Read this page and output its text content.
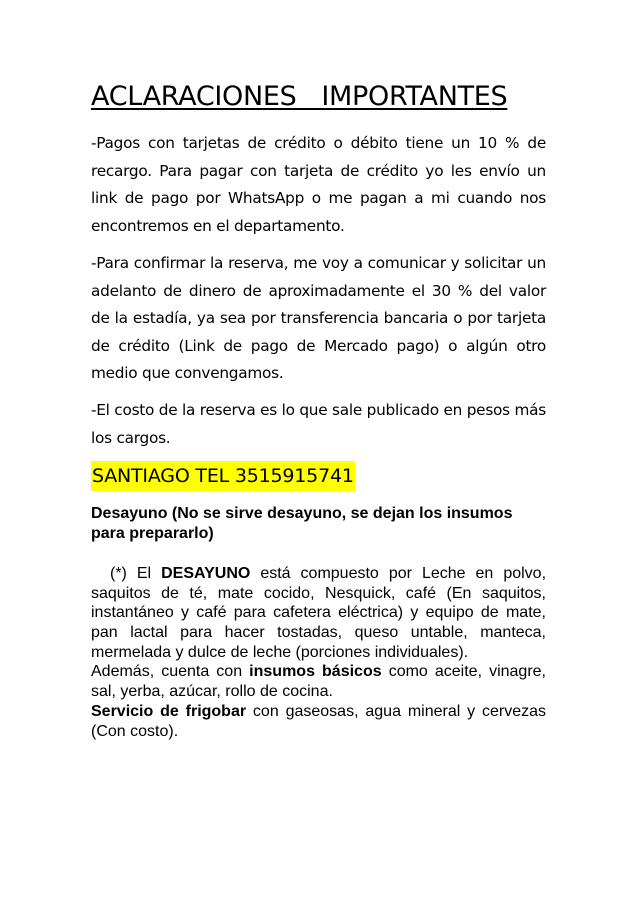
ACLARACIONES   IMPORTANTES

-Pagos con tarjetas de crédito o débito tiene un 10 % de recargo. Para pagar con tarjeta de crédito yo les envío un link de pago por WhatsApp o me pagan a mi cuando nos encontremos en el departamento.

-Para confirmar la reserva, me voy a comunicar y solicitar un adelanto de dinero de aproximadamente el 30 % del valor de la estadía, ya sea por transferencia bancaria o por tarjeta de crédito (Link de pago de Mercado pago) o algún otro medio que convengamos.

-El costo de la reserva es lo que sale publicado en pesos más los cargos.

SANTIAGO TEL 3515915741

Desayuno (No se sirve desayuno, se dejan los insumos para prepararlo)

(*) El DESAYUNO está compuesto por Leche en polvo, saquitos de té, mate cocido, Nesquick, café (En saquitos, instantáneo y café para cafetera eléctrica) y equipo de mate, pan lactal para hacer tostadas, queso untable, manteca, mermelada y dulce de leche (porciones individuales).

Además, cuenta con insumos básicos como aceite, vinagre, sal, yerba, azúcar, rollo de cocina.

Servicio de frigobar con gaseosas, agua mineral y cervezas (Con costo).
